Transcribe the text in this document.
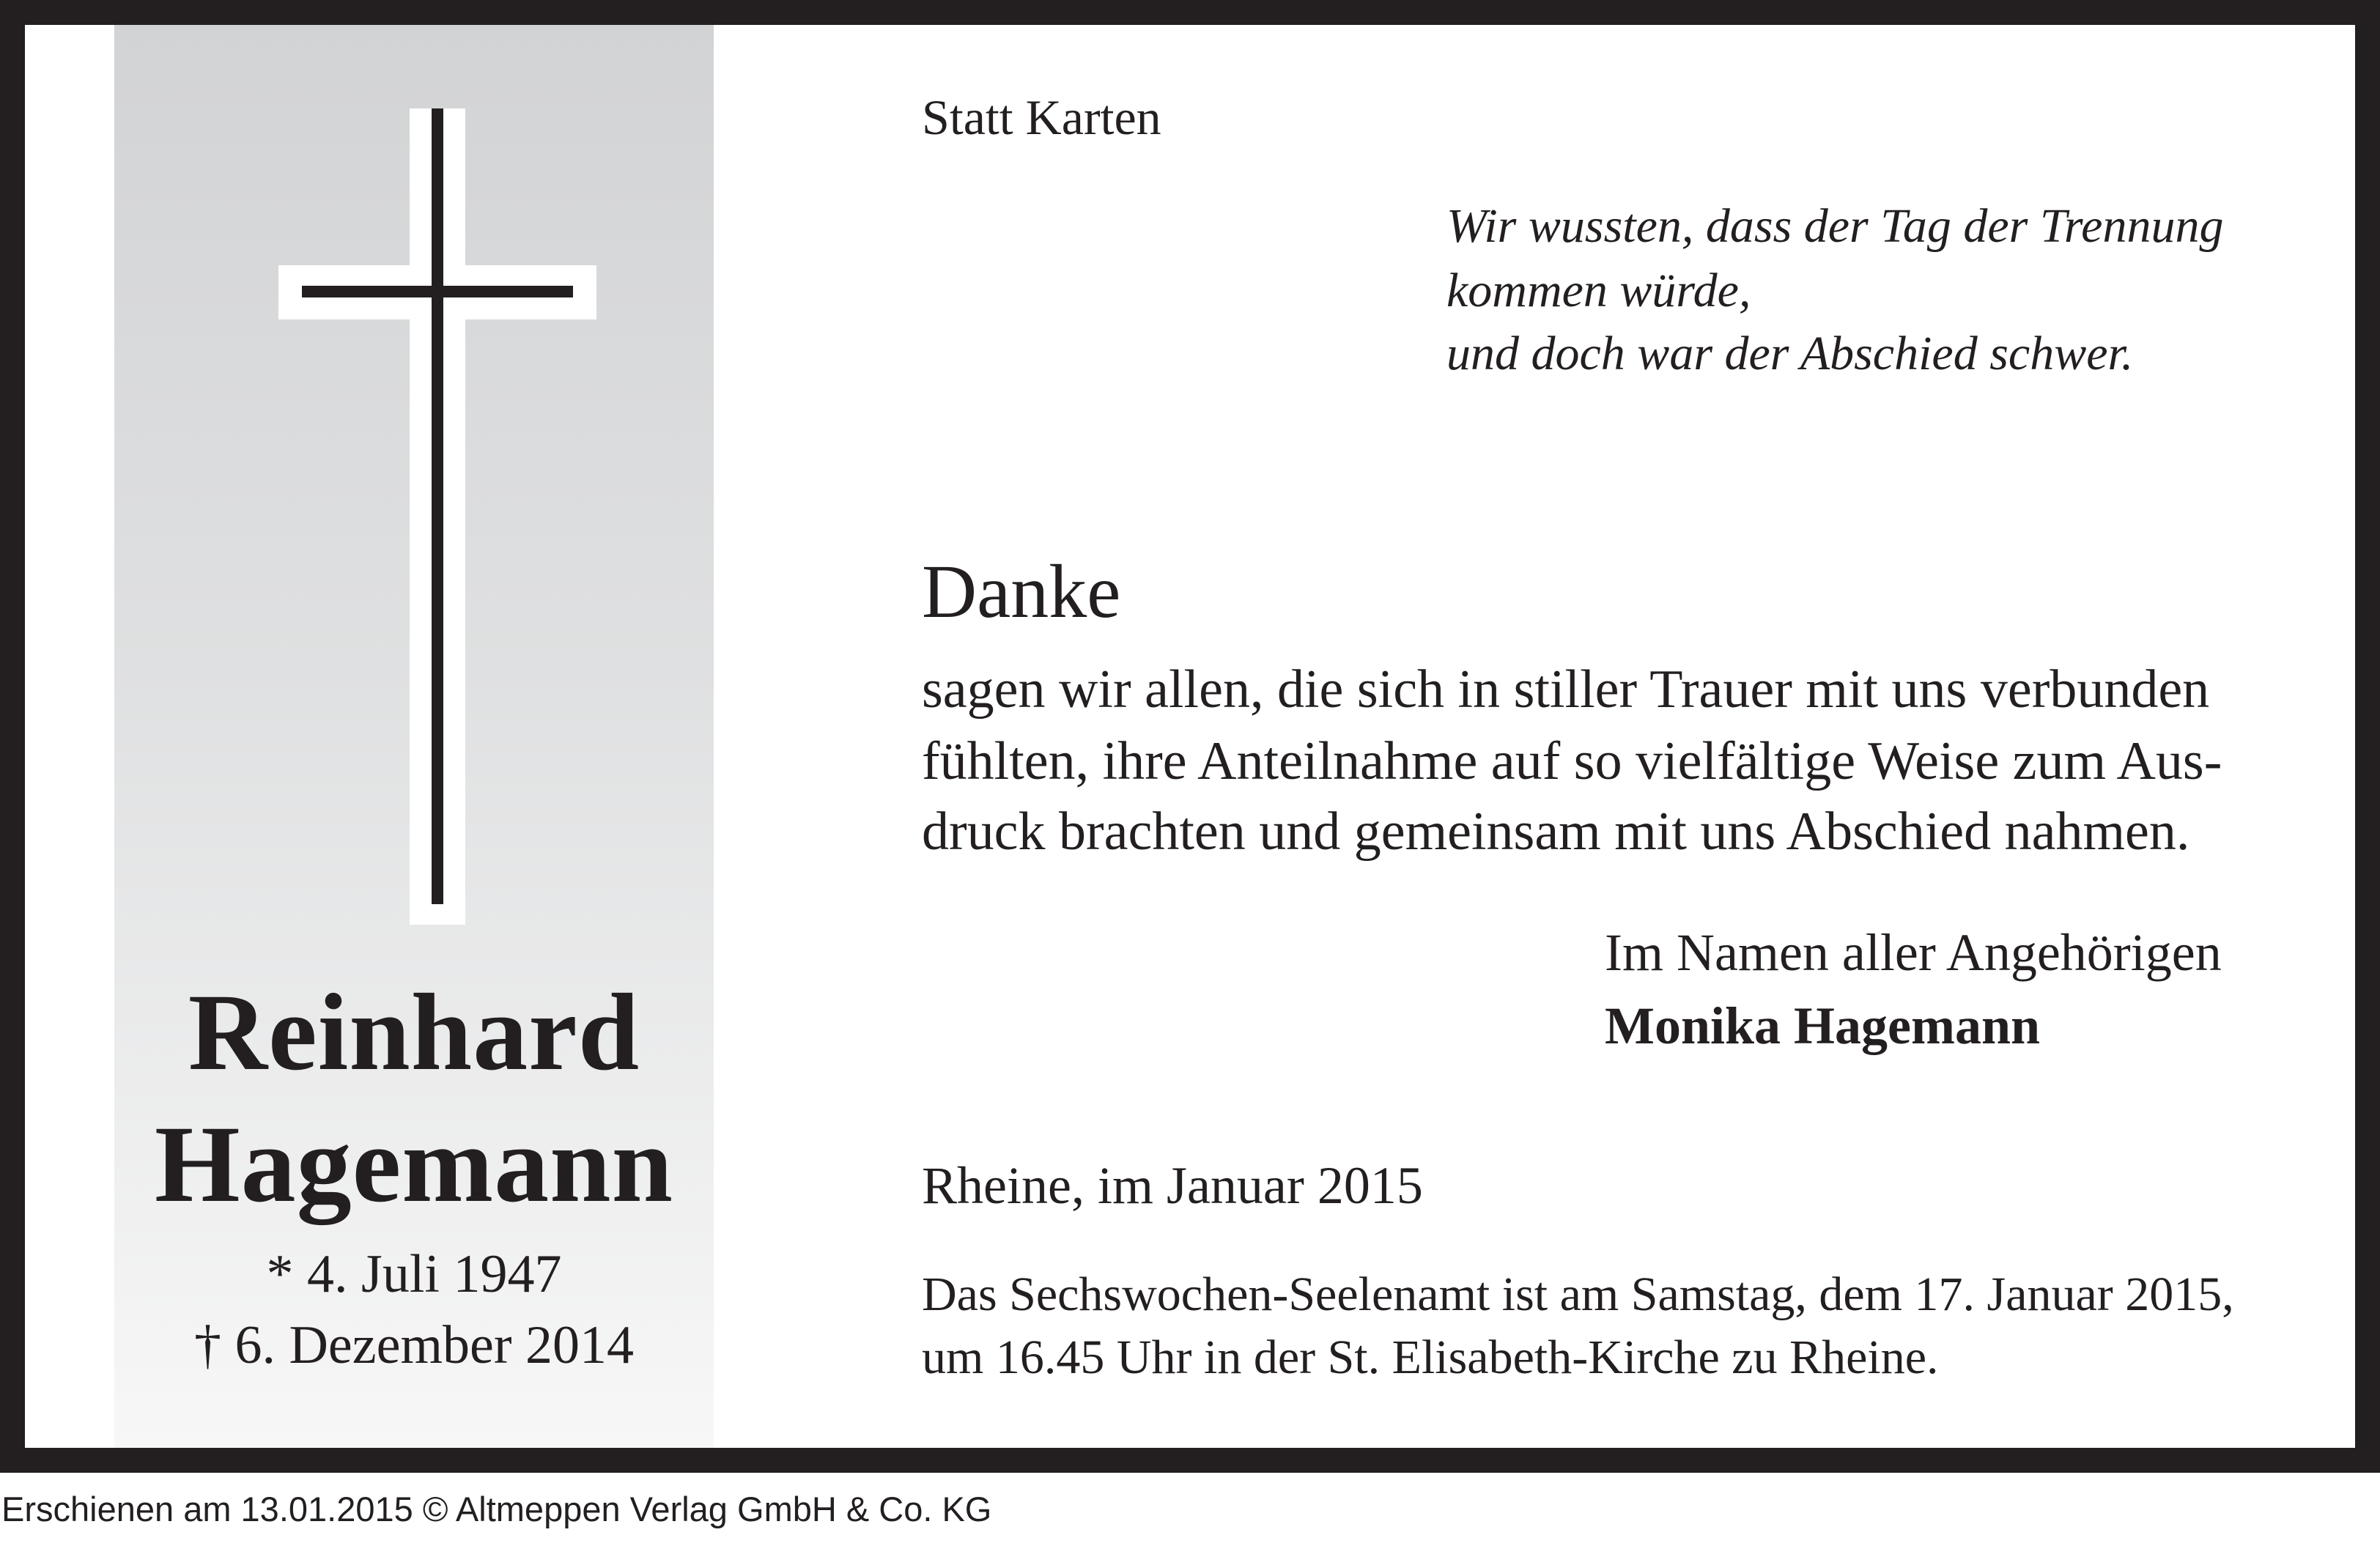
Reinhard
Hagemann
* 4. Juli 1947
† 6. Dezember 2014
Statt Karten
Wir wussten, dass der Tag der Trennung
kommen würde,
und doch war der Abschied schwer.
Danke
sagen wir allen, die sich in stiller Trauer mit uns verbunden
fühlten, ihre Anteilnahme auf so vielfältige Weise zum Aus-
druck brachten und gemeinsam mit uns Abschied nahmen.
Im Namen aller Angehörigen
Monika Hagemann
Rheine, im Januar 2015
Das Sechswochen-Seelenamt ist am Samstag, dem 17. Januar 2015,
um 16.45 Uhr in der St. Elisabeth-Kirche zu Rheine.
Erschienen am 13.01.2015 © Altmeppen Verlag GmbH & Co. KG
